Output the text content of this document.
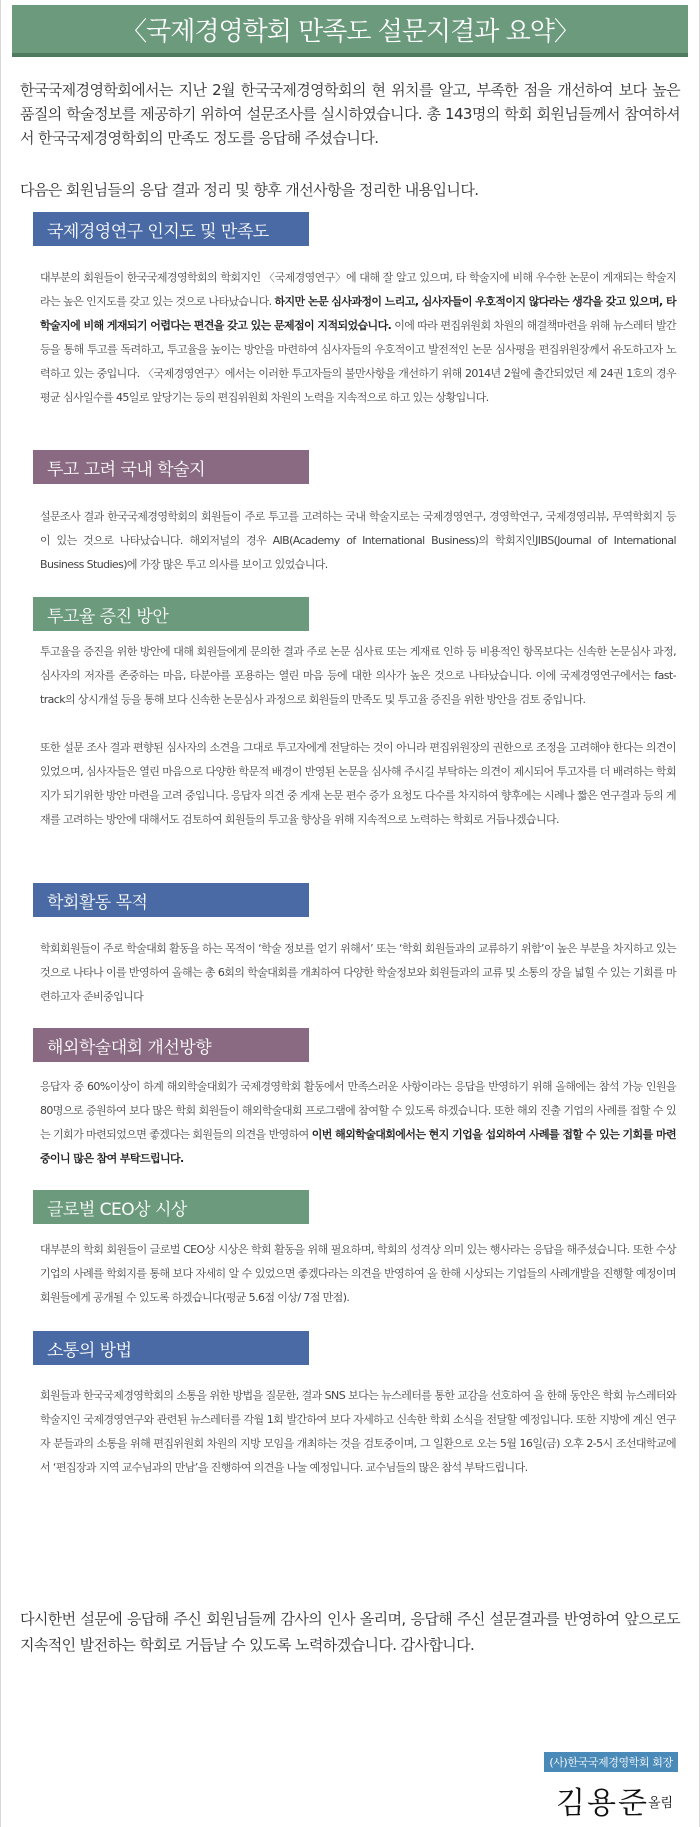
〈국제경영학회 만족도 설문지결과 요약〉

한국국제경영학회에서는 지난 2월 한국국제경영학회의 현 위치를 알고, 부족한 점을 개선하여 보다 높은 품질의 학술정보를 제공하기 위하여 설문조사를 실시하였습니다. 총 143명의 학회 회원님들께서 참여하셔서 한국국제경영학회의 만족도 정도를 응답해 주셨습니다.

다음은 회원님들의 응답 결과 정리 및 향후 개선사항을 정리한 내용입니다.
국제경영연구 인지도 및 만족도

대부분의 회원들이 한국국제경영학회의 학회지인 〈국제경영연구〉에 대해 잘 알고 있으며, 타 학술지에 비해 우수한 논문이 게재되는 학술지라는 높은 인지도를 갖고 있는 것으로 나타났습니다. 하지만 논문 심사과정이 느리고, 심사자들이 우호적이지 않다라는 생각을 갖고 있으며, 타 학술지에 비해 게재되기 어렵다는 편견을 갖고 있는 문제점이 지적되었습니다. 이에 따라 편집위원회 차원의 해결책마련을 위해 뉴스레터 발간 등을 통해 투고를 독려하고, 투고율을 높이는 방안을 마련하여 심사자들의 우호적이고 발전적인 논문 심사평을 편집위원장께서 유도하고자 노력하고 있는 중입니다. 〈국제경영연구〉에서는 이러한 투고자들의 불만사항을 개선하기 위해 2014년 2월에 출간되었던 제 24권 1호의 경우 평균 심사일수를 45일로 앞당기는 등의 편집위원회 차원의 노력을 지속적으로 하고 있는 상황입니다.

투고 고려 국내 학술지
설문조사 결과 한국국제경영학회의 회원들이 주로 투고를 고려하는 국내 학술지로는 국제경영연구, 경영학연구, 국제경영리뷰, 무역학회지 등이 있는 것으로 나타났습니다. 해외저널의 경우 AIB(Academy of International Business)의 학회지인JIBS(Journal of International Business Studies)에 가장 많은 투고 의사를 보이고 있었습니다.
투고율 증진 방안

투고율을 증진을 위한 방안에 대해 회원들에게 문의한 결과 주로 논문 심사료 또는 게재료 인하 등 비용적인 항목보다는 신속한 논문심사 과정, 심사자의 저자를 존중하는 마음, 타분야를 포용하는 열린 마음 등에 대한 의사가 높은 것으로 나타났습니다. 이에 국제경영연구에서는 fast-track의 상시개설 등을 통해 보다 신속한 논문심사 과정으로 회원들의 만족도 및 투고율 증진을 위한 방안을 검토 중입니다.

또한 설문 조사 결과 편향된 심사자의 소견을 그대로 투고자에게 전달하는 것이 아니라 편집위원장의 권한으로 조정을 고려해야 한다는 의견이 있었으며, 심사자들은 열린 마음으로 다양한 학문적 배경이 반영된 논문을 심사해 주시길 부탁하는 의견이 제시되어 투고자를 더 배려하는 학회지가 되기위한 방안 마련을 고려 중입니다. 응답자 의견 중 게재 논문 편수 증가 요청도 다수를 차지하여 향후에는 시례나 짧은 연구결과 등의 게재를 고려하는 방안에 대해서도 검토하여 회원들의 투고율 향상을 위해 지속적으로 노력하는 학회로 거듭나겠습니다.

학회활동 목적
학회회원들이 주로 학술대회 활동을 하는 목적이 ‘학술 정보를 얻기 위해서’ 또는 ‘학회 회원들과의 교류하기 위함’이 높은 부분을 차지하고 있는 것으로 나타나 이를 반영하여 올해는 총 6회의 학술대회를 개최하여 다양한 학술정보와 회원들과의 교류 및 소통의 장을 넓힐 수 있는 기회를 마련하고자 준비중입니다
해외학술대회 개선방향

응답자 중 60%이상이 하계 해외학술대회가 국제경영학회 활동에서 만족스러운 사항이라는 응답을 반영하기 위해 올해에는 참석 가능 인원을 80명으로 증원하여 보다 많은 학회 회원들이 해외학술대회 프로그램에 참여할 수 있도록 하겠습니다. 또한 해외 진출 기업의 사례를 접할 수 있는 기회가 마련되었으면 좋겠다는 회원들의 의견을 반영하여 이번 해외학술대회에서는 현지 기업을 섭외하여 사례를 접할 수 있는 기회를 마련중이니 많은 참여 부탁드립니다.

글로벌 CEO상 시상
대부분의 학회 회원들이 글로벌 CEO상 시상은 학회 활동을 위해 필요하며, 학회의 성격상 의미 있는 행사라는 응답을 해주셨습니다. 또한 수상기업의 사례를 학회지를 통해 보다 자세히 알 수 있었으면 좋겠다라는 의견을 반영하여 올 한해 시상되는 기업들의 사례개발을 진행할 예정이며 회원들에게 공개될 수 있도록 하겠습니다(평균 5.6점 이상/ 7점 만점).
소통의 방법
회원들과 한국국제경영학회의 소통을 위한 방법을 질문한, 결과 SNS 보다는 뉴스레터를 통한 교감을 선호하여 올 한해 동안은 학회 뉴스레터와 학술지인 국제경영연구와 관련된 뉴스레터를 각월 1회 발간하여 보다 자세하고 신속한 학회 소식을 전달할 예정입니다. 또한 지방에 계신 연구자 분들과의 소통을 위해 편집위원회 차원의 지방 모임을 개최하는 것을 검토중이며, 그 일환으로 오는 5월 16일(금) 오후 2-5시 조선대학교에서 ‘편집장과 지역 교수님과의 만남’을 진행하여 의견을 나눌 예정입니다. 교수님들의 많은 참석 부탁드립니다.
다시한번 설문에 응답해 주신 회원님들께 감사의 인사 올리며, 응답해 주신 설문결과를 반영하여 앞으로도 지속적인 발전하는 학회로 거듭날 수 있도록 노력하겠습니다. 감사합니다.
(사)한국국제경영학회 회장
김용준 올림
